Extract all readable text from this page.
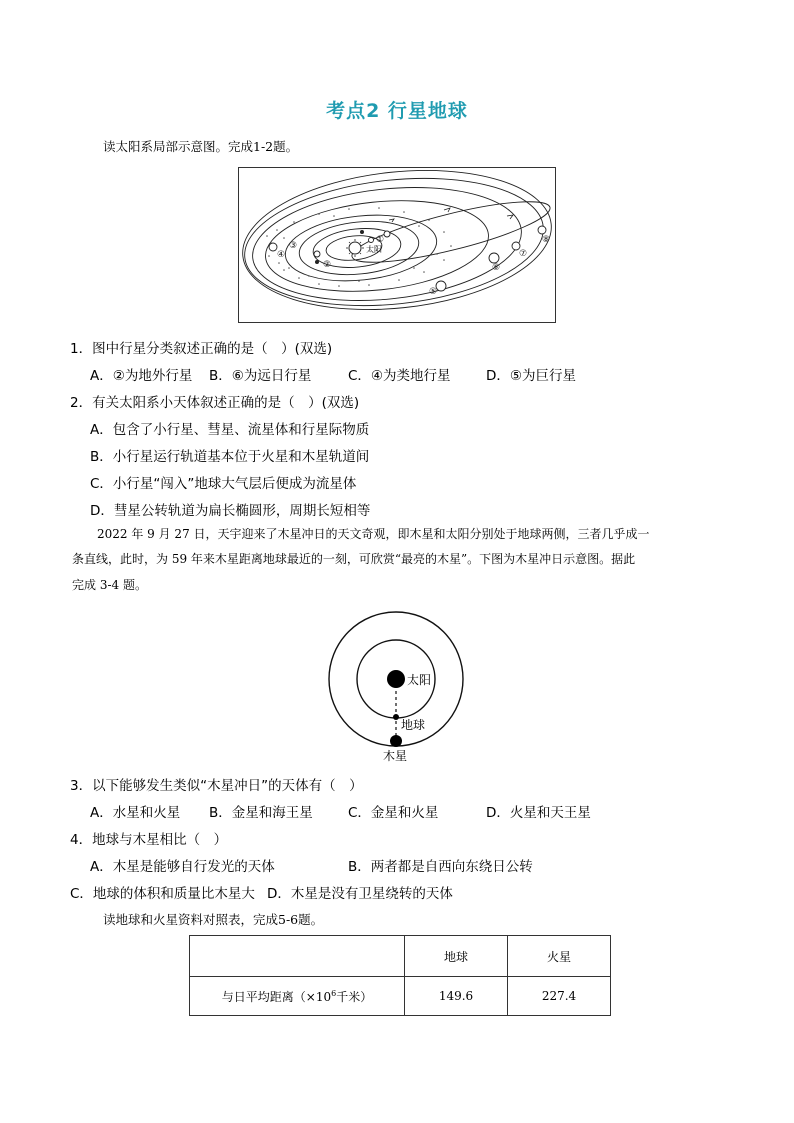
考点2 行星地球
读太阳系局部示意图。完成1-2题。
太阳
①
②
③
④
⑤
⑥
⑦
⑧
1．图中行星分类叙述正确的是（　）(双选)
A．②为地外行星 B．⑥为远日行星	C．④为类地行星	D．⑤为巨行星
2．有关太阳系小天体叙述正确的是（　）(双选)
A．包含了小行星、彗星、流星体和行星际物质
B．小行星运行轨道基本位于火星和木星轨道间
C．小行星“闯入”地球大气层后便成为流星体
D．彗星公转轨道为扁长椭圆形，周期长短相等
2022 年 9 月 27 日，天宇迎来了木星冲日的天文奇观，即木星和太阳分别处于地球两侧，三者几乎成一
条直线，此时，为 59 年来木星距离地球最近的一刻，可欣赏“最亮的木星”。下图为木星冲日示意图。据此
完成 3-4 题。
太阳
地球
木星
3．以下能够发生类似“木星冲日”的天体有（　）
A．水星和火星 B．金星和海王星	C．金星和火星	D．火星和天王星
4．地球与木星相比（　）
A．木星是能够自行发光的天体	B．两者都是自西向东绕日公转
C．地球的体积和质量比木星大 D．木星是没有卫星绕转的天体
读地球和火星资料对照表，完成5-6题。
	地球	火星
与日平均距离（$\times 10^6$千米）	149.6	227.4
